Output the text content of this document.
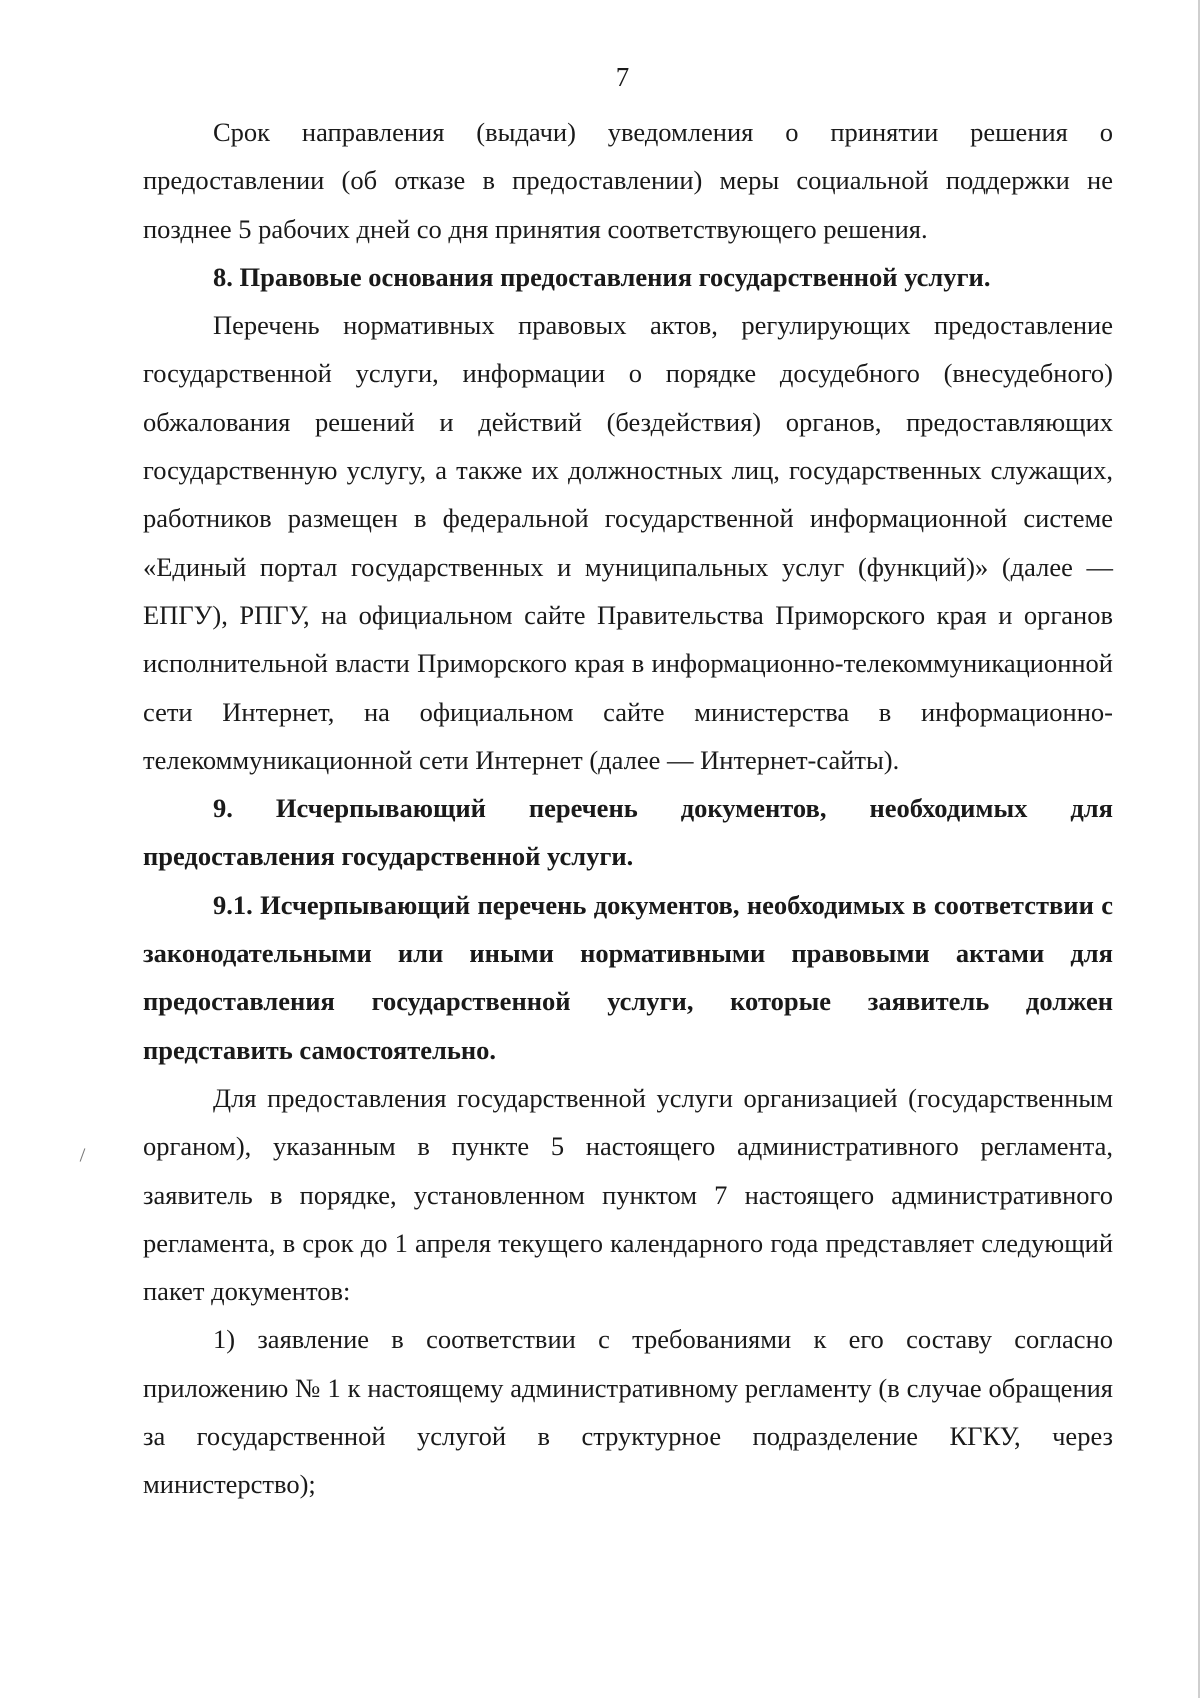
7

Срок направления (выдачи) уведомления о принятии решения о предоставлении (об отказе в предоставлении) меры социальной поддержки не позднее 5 рабочих дней со дня принятия соответствующего решения.

8. Правовые основания предоставления государственной услуги.

Перечень нормативных правовых актов, регулирующих предоставление государственной услуги, информации о порядке досудебного (внесудебного) обжалования решений и действий (бездействия) органов, предоставляющих государственную услугу, а также их должностных лиц, государственных служащих, работников размещен в федеральной государственной информационной системе «Единый портал государственных и муниципальных услуг (функций)» (далее — ЕПГУ), РПГУ, на официальном сайте Правительства Приморского края и органов исполнительной власти Приморского края в информационно-телекоммуникационной сети Интернет, на официальном сайте министерства в информационно-телекоммуникационной сети Интернет (далее — Интернет-сайты).

9. Исчерпывающий перечень документов, необходимых для предоставления государственной услуги.

9.1. Исчерпывающий перечень документов, необходимых в соответствии с законодательными или иными нормативными правовыми актами для предоставления государственной услуги, которые заявитель должен представить самостоятельно.

Для предоставления государственной услуги организацией (государственным органом), указанным в пункте 5 настоящего административного регламента, заявитель в порядке, установленном пунктом 7 настоящего административного регламента, в срок до 1 апреля текущего календарного года представляет следующий пакет документов:

1) заявление в соответствии с требованиями к его составу согласно приложению № 1 к настоящему административному регламенту (в случае обращения за государственной услугой в структурное подразделение КГКУ, через министерство);
